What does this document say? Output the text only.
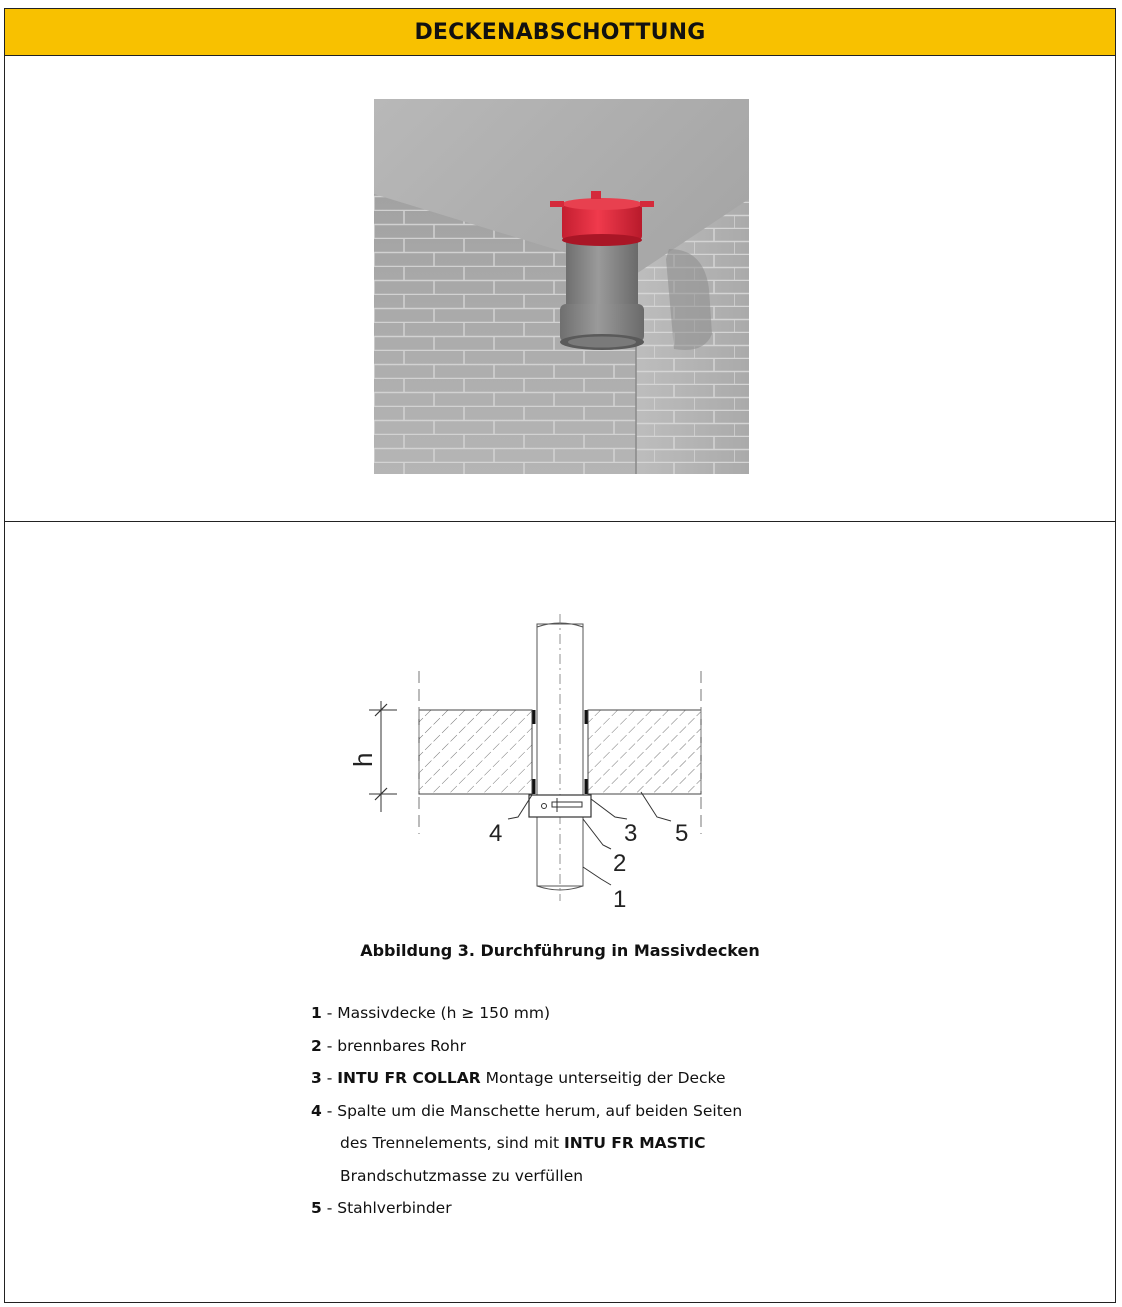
DECKENABSCHOTTUNG
h
4	3 5
2
1
Abbildung 3. Durchführung in Massivdecken
1 - Massivdecke (h ≥ 150 mm)
2 - brennbares Rohr
3 - INTU FR COLLAR Montage unterseitig der Decke
4 - Spalte um die Manschette herum, auf beiden Seiten
des Trennelements, sind mit INTU FR MASTIC
Brandschutzmasse zu verfüllen
5 - Stahlverbinder
